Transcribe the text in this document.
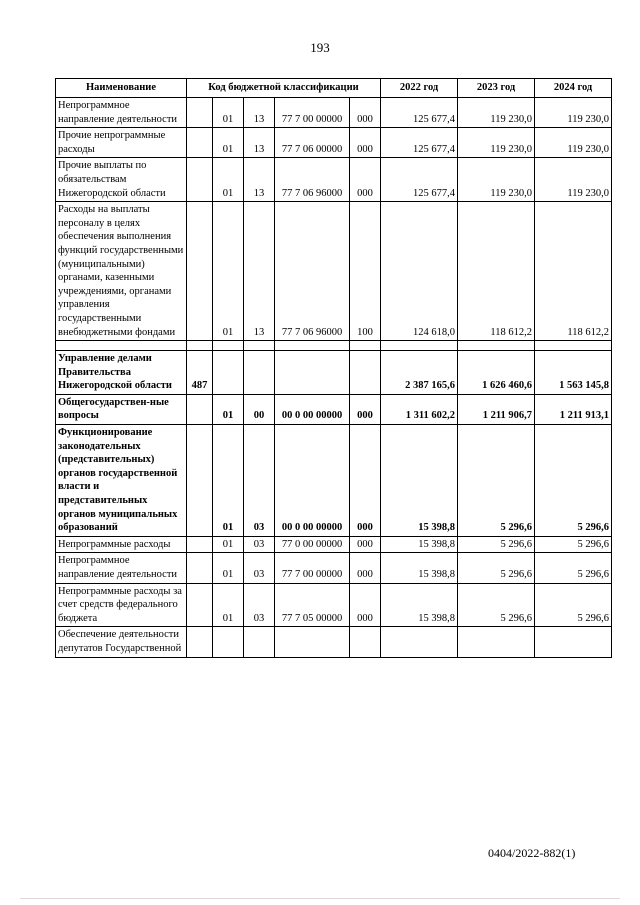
193
Наименование	Код бюджетной классификации					2022 год	2023 год	2024 год
Непрограммное направление деятельности		01	13	77 7 00 00000	000	125 677,4	119 230,0	119 230,0
Прочие непрограммные расходы		01	13	77 7 06 00000	000	125 677,4	119 230,0	119 230,0
Прочие выплаты по обязательствам Нижегородской области		01	13	77 7 06 96000	000	125 677,4	119 230,0	119 230,0
Расходы на выплаты персоналу в целях обеспечения выполнения функций государственными (муниципальными) органами, казенными учреждениями, органами управления государственными внебюджетными фондами		01	13	77 7 06 96000	100	124 618,0	118 612,2	118 612,2

Управление делами Правительства Нижегородской области	487					2 387 165,6	1 626 460,6	1 563 145,8
Общегосударствен-ные вопросы		01	00	00 0 00 00000	000	1 311 602,2	1 211 906,7	1 211 913,1
Функционирование законодательных (представительных) органов государственной власти и представительных органов муниципальных образований		01	03	00 0 00 00000	000	15 398,8	5 296,6	5 296,6
Непрограммные расходы		01	03	77 0 00 00000	000	15 398,8	5 296,6	5 296,6
Непрограммное направление деятельности		01	03	77 7 00 00000	000	15 398,8	5 296,6	5 296,6
Непрограммные расходы за счет средств федерального бюджета		01	03	77 7 05 00000	000	15 398,8	5 296,6	5 296,6
Обеспечение деятельности депутатов Государственной								
0404/2022-882(1)
